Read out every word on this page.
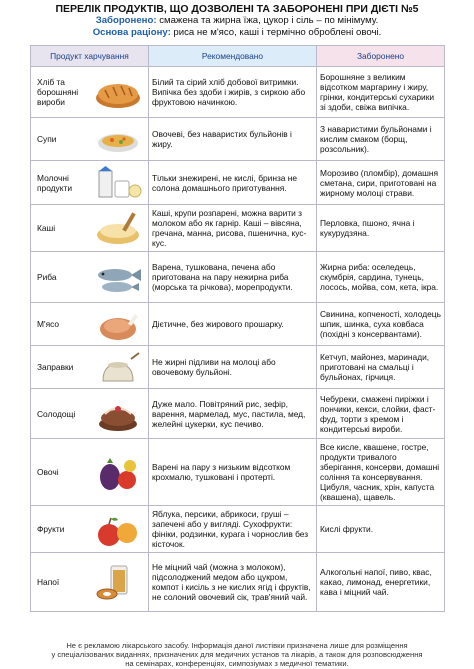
ПЕРЕЛІК ПРОДУКТІВ, ЩО ДОЗВОЛЕНІ ТА ЗАБОРОНЕНІ ПРИ ДІЄТІ №5
Заборонено: смажена та жирна їжа, цукор і сіль – по мінімуму.
Основа раціону: риса не м'ясо, каші і термічно оброблені овочі.
Продукт харчування	Рекомендовано	Заборонено

Хліб та борошняні вироби	Білий та сірий хліб добової витримки. Випічка без здоби і жирів, з сиркою або фруктовою начинкою.	Борошняне з великим відсотком маргарину і жиру, грінки, кондитерські сухарики зі здоби, свіжа випічка.

Супи	Овочеві, без наваристих бульйонів і жиру.	З наваристими бульйонами і кислим смаком (борщ, розсольник).

Молочні продукти	Тільки знежирені, не кислі, бринза не солона домашнього приготування.	Морозиво (пломбір), домашня сметана, сири, приготовані на жирному молоці страви.

Каші	Каші, крупи розпарені, можна варити з молоком або як гарнір. Каші – вівсяна, гречана, манна, рисова, пшенична, кус-кус.	Перловка, пшоно, ячна і кукурудзяна.

Риба	Варена, тушкована, печена або приготована на пару нежирна риба (морська та річкова), морепродукти.	Жирна риба: оселедець, скумбрія, сардина, тунець, лосось, мойва, сом, кета, ікра.

М'ясо	Дієтичне, без жирового прошарку.	Свинина, копченості, холодець шпик, шинка, суха ковбаса (похідні з консервантами).

Заправки	Не жирні підливи на молоці або овочевому бульйоні.	Кетчуп, майонез, маринади, приготовані на смальці і бульйонах, гірчиця.

Солодощі	Дуже мало. Повітряний рис, зефір, варення, мармелад, мус, пастила, мед, желейні цукерки, кус печиво.	Чебуреки, смажені пиріжки і пончики, кекси, слойки, фаст-фуд, торти з кремом і кондитерські вироби.

Овочі	Варені на пару з низьким відсотком крохмалю, тушковані і протерті.	Все кисле, квашене, гостре, продукти тривалого зберігання, консерви, домашні соління та консервування. Цибуля, часник, хрін, капуста (квашена), щавель.

Фрукти	Яблука, персики, абрикоси, груші – запечені або у вигляді. Сухофрукти: фініки, родзинки, курага і чорнослив без кісточок.	Кислі фрукти.

Напої	Не міцний чай (можна з молоком), підсолоджений медом або цукром, компот і кисіль з не кислих ягід і фруктів, не солоний овочевий сік, трав'яний чай.	Алкогольні напої, пиво, квас, какао, лимонад, енергетики, кава і міцний чай.
Не є рекламою лікарського засобу. Інформація даної листівки призначена лише для розміщення
у спеціалізованих виданнях, призначених для медичних установ та лікарів, а також для розповсюдження
на семінарах, конференціях, симпозіумах з медичної тематики.
